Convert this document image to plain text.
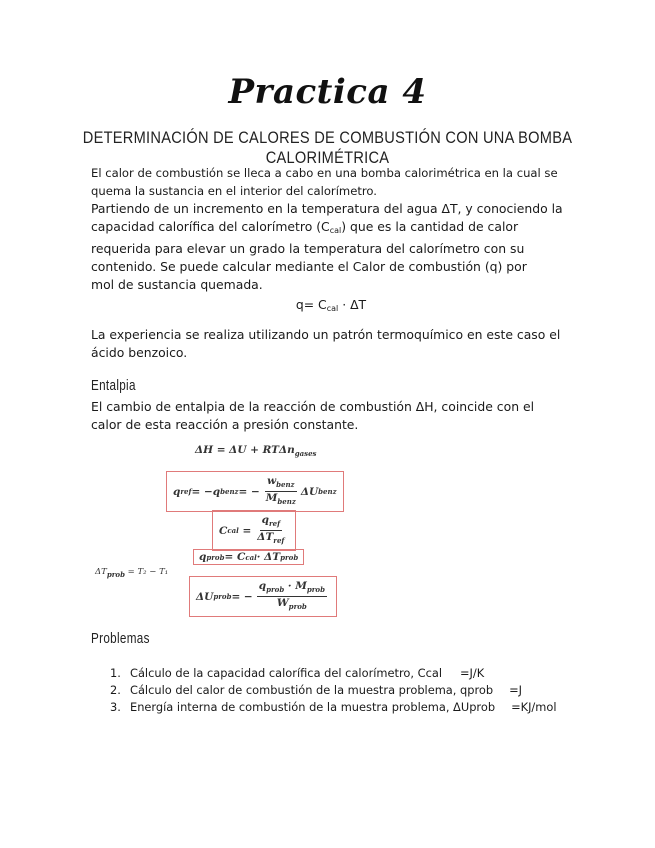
Practica 4
DETERMINACIÓN DE CALORES DE COMBUSTIÓN CON UNA BOMBA CALORIMÉTRICA

El calor de combustión se lleca a cabo en una bomba calorimétrica en la cual se

quema la sustancia en el interior del calorímetro.

Partiendo de un incremento en la temperatura del agua ΔT, y conociendo la

capacidad calorífica del calorímetro $(C_{cal})$ que es la cantidad de calor

requerida para elevar un grado la temperatura del calorímetro con su

contenido. Se puede calcular mediante el Calor de combustión (q) por

mol de sustancia quemada.

$q= C_{cal} \cdot \Delta T$

La experiencia se realiza utilizando un patrón termoquímico en este caso el

ácido benzoico.

Entalpia

El cambio de entalpia de la reacción de combustión ΔH, coincide con el

calor de esta reacción a presión constante.

ΔH = ΔU + RTΔn$_{gases}$
q ref = −q benz = − $\frac{w_{benz}}{M_{benz}}$ ΔU benz
C cal = $\frac{q_{ref}}{\Delta T_{ref}}$
q prob = C cal · ΔT prob
$\Delta T_{prob} = T_2 - T_1$
ΔU prob = − $\frac{q_{prob} \cdot M_{prob}}{W_{prob}}$
Problemas
1. Cálculo de la capacidad calorífica del calorímetro, Ccal =J/K
2. Cálculo del calor de combustión de la muestra problema, qprob =J
3. Energía interna de combustión de la muestra problema, ΔUprob =KJ/mol
